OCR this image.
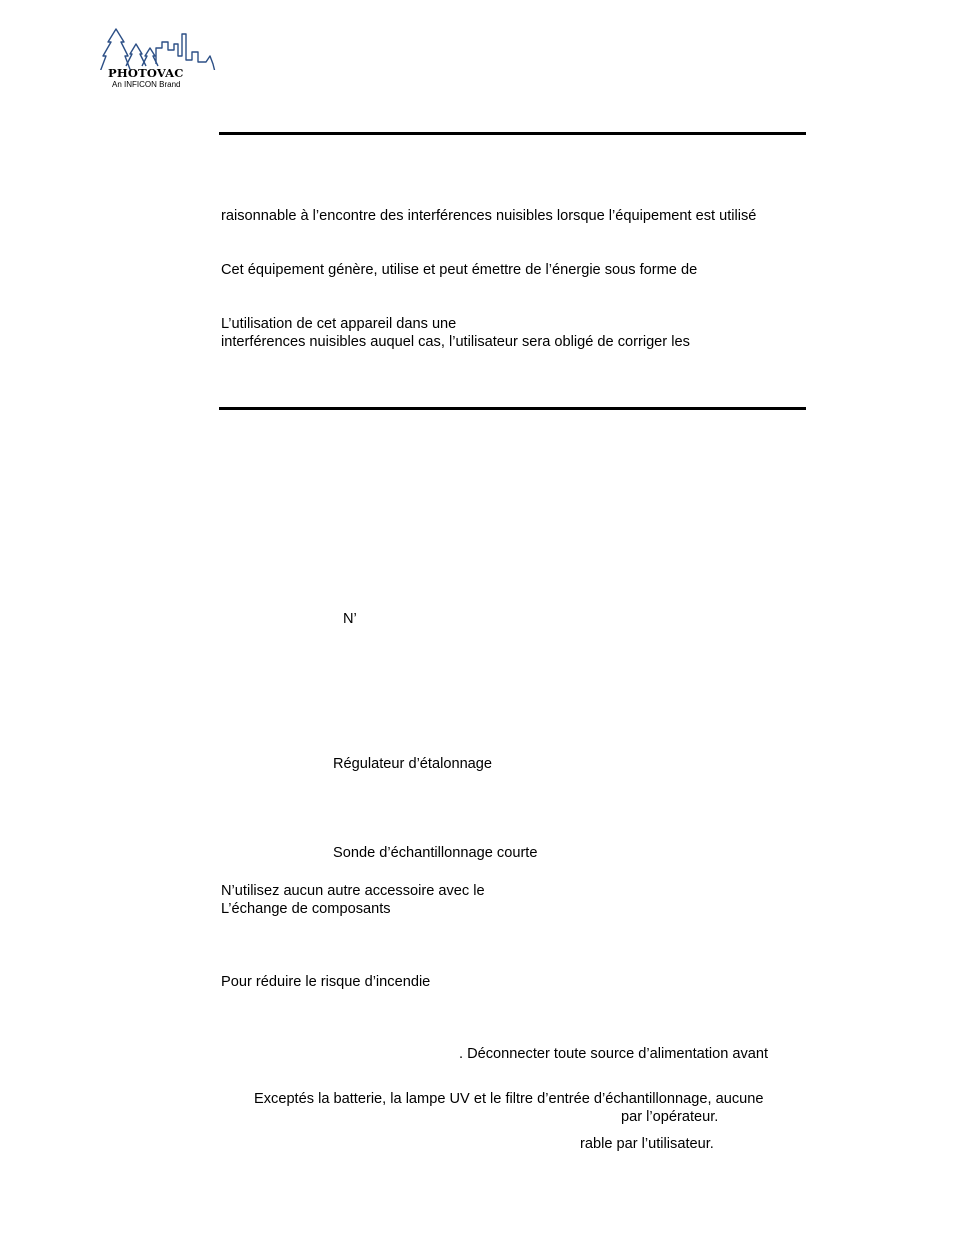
PHOTOVAC
An INFICON Brand
raisonnable à l’encontre des interférences nuisibles lorsque l’équipement est utilisé
Cet équipement génère, utilise et peut émettre de l’énergie sous forme de
L’utilisation de cet appareil dans une
interférences nuisibles auquel cas, l’utilisateur sera obligé de corriger les
N’
Régulateur d’étalonnage
Sonde d’échantillonnage courte
N’utilisez aucun autre accessoire avec le
L’échange de composants
Pour réduire le risque d’incendie
. Déconnecter toute source d’alimentation avant
Exceptés la batterie, la lampe UV et le filtre d’entrée d’échantillonnage, aucune
par l’opérateur.
rable par l’utilisateur.
